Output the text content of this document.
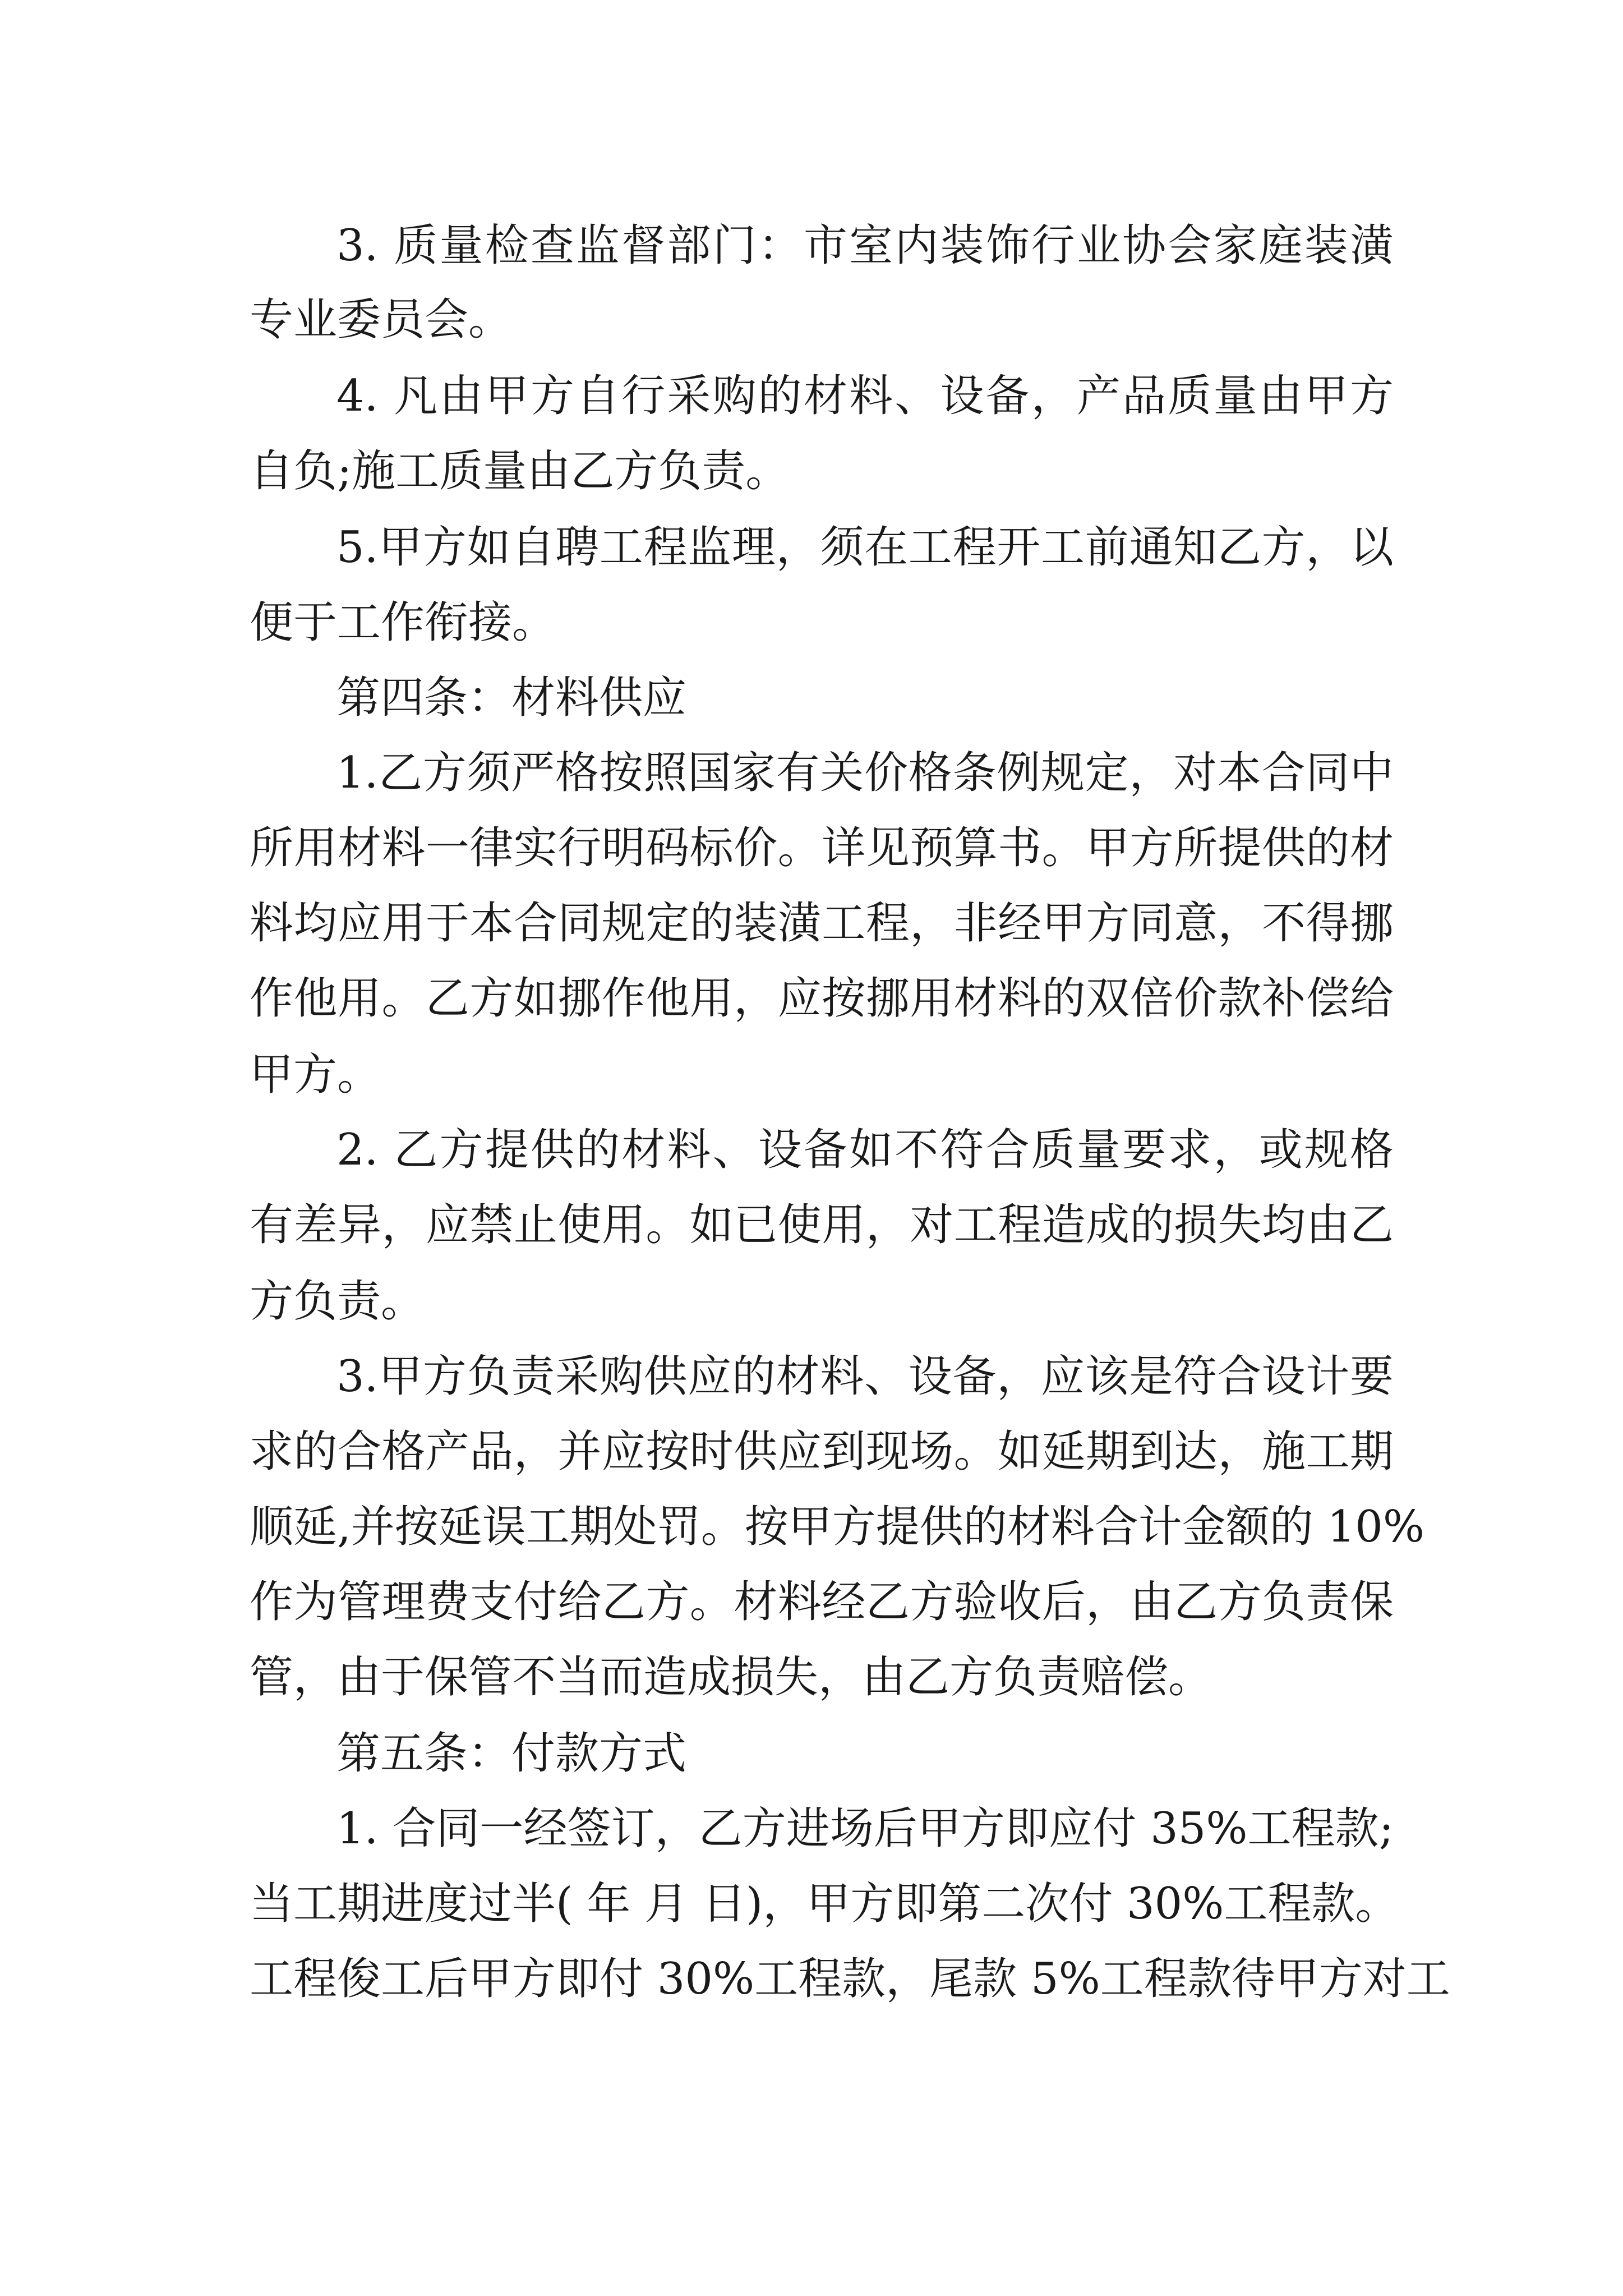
3. 质量检查监督部门：市室内装饰行业协会家庭装潢
专业委员会。
4. 凡由甲方自行采购的材料、设备，产品质量由甲方
自负;施工质量由乙方负责。
5.甲方如自聘工程监理，须在工程开工前通知乙方，以
便于工作衔接。
第四条：材料供应
1.乙方须严格按照国家有关价格条例规定，对本合同中
所用材料一律实行明码标价。详见预算书。甲方所提供的材
料均应用于本合同规定的装潢工程，非经甲方同意，不得挪
作他用。乙方如挪作他用，应按挪用材料的双倍价款补偿给
甲方。
2. 乙方提供的材料、设备如不符合质量要求，或规格
有差异，应禁止使用。如已使用，对工程造成的损失均由乙
方负责。
3.甲方负责采购供应的材料、设备，应该是符合设计要
求的合格产品，并应按时供应到现场。如延期到达，施工期
顺延,并按延误工期处罚。按甲方提供的材料合计金额的 10%
作为管理费支付给乙方。材料经乙方验收后，由乙方负责保
管，由于保管不当而造成损失，由乙方负责赔偿。
第五条：付款方式
1. 合同一经签订，乙方进场后甲方即应付 35%工程款;
当工期进度过半( 年 月 日)，甲方即第二次付 30%工程款。
工程俊工后甲方即付 30%工程款，尾款 5%工程款待甲方对工
